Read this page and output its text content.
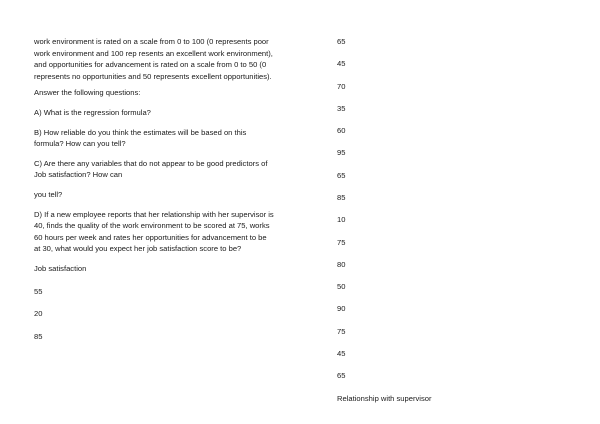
work environment is rated on a scale from 0 to 100 (0 represents poor work environment and 100 rep resents an excellent work environment), and opportunities for advancement is rated on a scale from 0 to 50 (0 represents no opportunities and 50 represents excellent opportunities).

Answer the following questions:

A) What is the regression formula?

B) How reliable do you think the estimates will be based on this formula? How can you tell?

C) Are there any variables that do not appear to be good predictors of Job satisfaction? How can

you tell?

D) If a new employee reports that her relationship with her supervisor is 40, finds the quality of the work environment to be scored at 75, works 60 hours per week and rates her opportunities for advancement to be at 30, what would you expect her job satisfaction score to be?

Job satisfaction

55

20

85

65

45

70

35

60

95

65

85

10

75

80

50

90

75

45

65

Relationship with supervisor
